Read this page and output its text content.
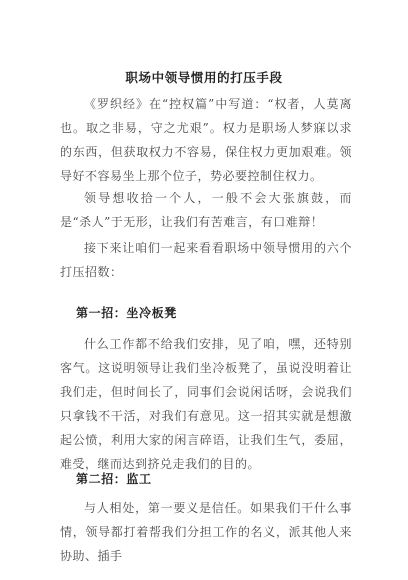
职场中领导惯用的打压手段

《罗织经》在“控权篇”中写道：“权者，人莫离也。取之非易，守之尤艰”。权力是职场人梦寐以求的东西，但获取权力不容易，保住权力更加艰难。领导好不容易坐上那个位子，势必要控制住权力。

领导想收拾一个人，一般不会大张旗鼓，而是“杀人”于无形，让我们有苦难言，有口难辩！

接下来让咱们一起来看看职场中领导惯用的六个打压招数：

第一招：坐冷板凳

什么工作都不给我们安排，见了咱，嘿，还特别客气。这说明领导让我们坐冷板凳了，虽说没明着让我们走，但时间长了，同事们会说闲话呀，会说我们只拿钱不干活，对我们有意见。这一招其实就是想激起公愤，利用大家的闲言碎语，让我们生气，委屈，难受，继而达到挤兑走我们的目的。

第二招：监工

与人相处，第一要义是信任。如果我们干什么事情，领导都打着帮我们分担工作的名义，派其他人来协助、插手
